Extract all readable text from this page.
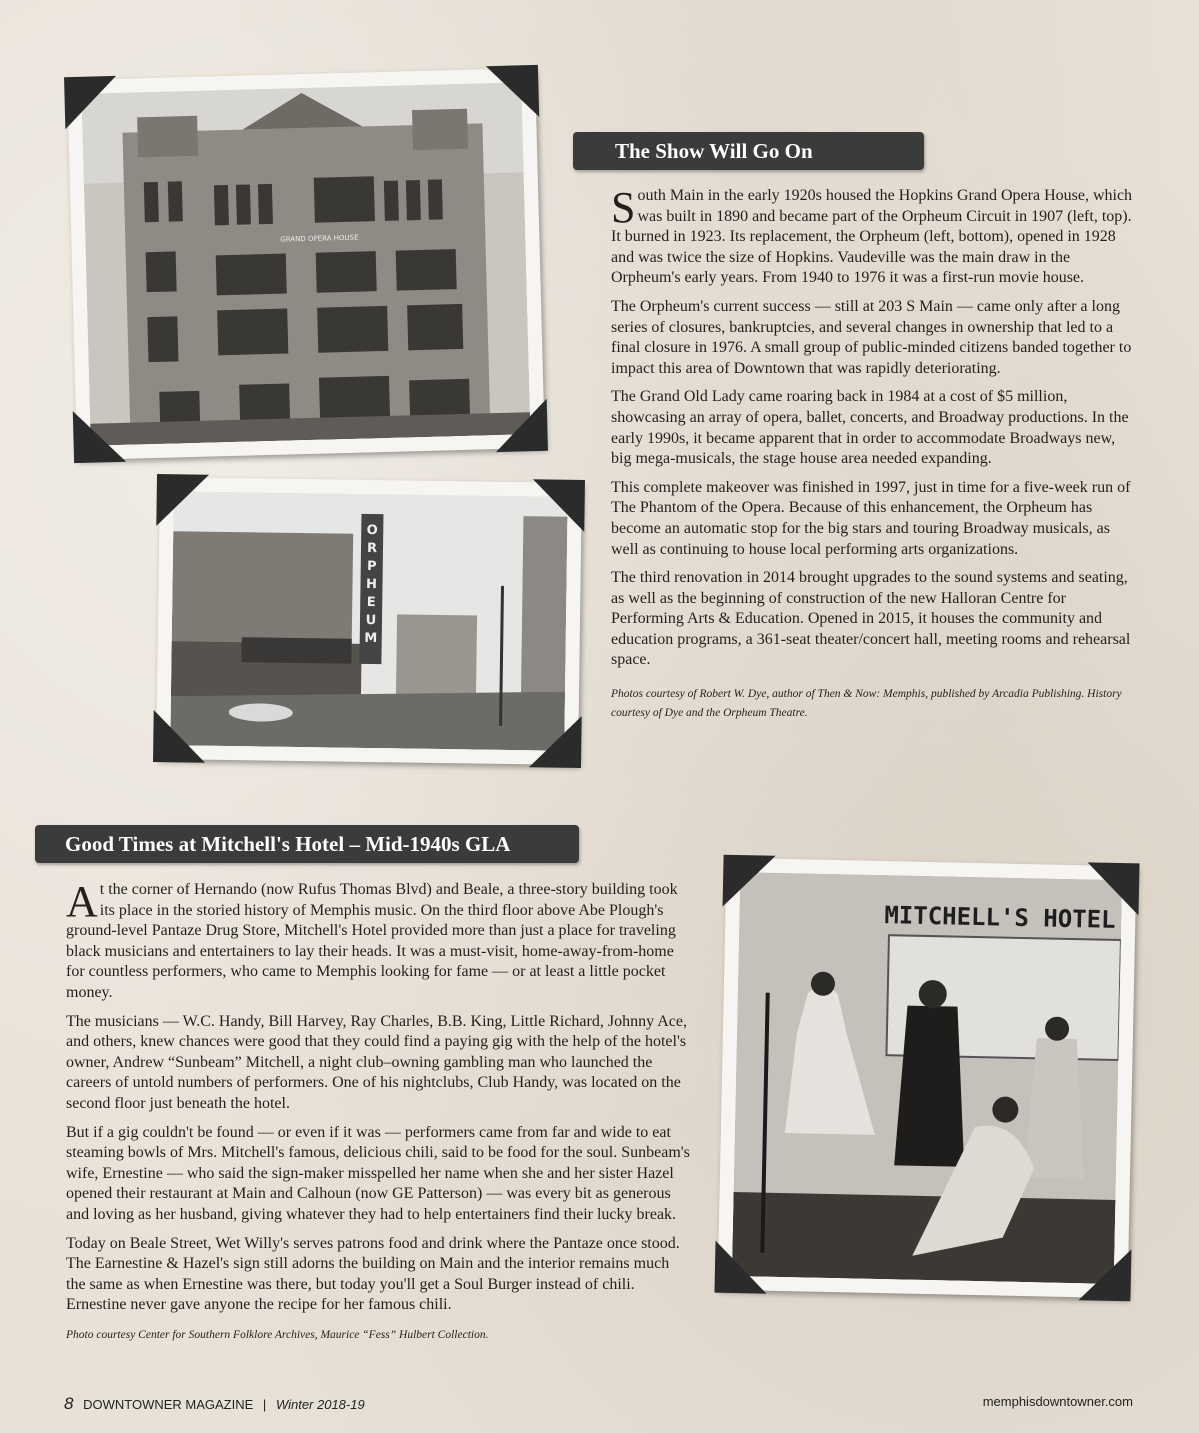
GRAND OPERA HOUSE
O
R
P
H
E
U
M
MITCHELL'S HOTEL
The Show Will Go On

South Main in the early 1920s housed the Hopkins Grand Opera House, which was built in 1890 and became part of the Orpheum Circuit in 1907 (left, top). It burned in 1923. Its replacement, the Orpheum (left, bottom), opened in 1928 and was twice the size of Hopkins. Vaudeville was the main draw in the Orpheum's early years. From 1940 to 1976 it was a first-run movie house.

The Orpheum's current success — still at 203 S Main — came only after a long series of closures, bankruptcies, and several changes in ownership that led to a final closure in 1976. A small group of public-minded citizens banded together to impact this area of Downtown that was rapidly deteriorating.

The Grand Old Lady came roaring back in 1984 at a cost of $5 million, showcasing an array of opera, ballet, concerts, and Broadway productions. In the early 1990s, it became apparent that in order to accommodate Broadways new, big mega-musicals, the stage house area needed expanding.

This complete makeover was finished in 1997, just in time for a five-week run of The Phantom of the Opera. Because of this enhancement, the Orpheum has become an automatic stop for the big stars and touring Broadway musicals, as well as continuing to house local performing arts organizations.

The third renovation in 2014 brought upgrades to the sound systems and seating, as well as the beginning of construction of the new Halloran Centre for Performing Arts & Education. Opened in 2015, it houses the community and education programs, a 361-seat theater/concert hall, meeting rooms and rehearsal space.

Photos courtesy of Robert W. Dye, author of Then & Now: Memphis, published by Arcadia Publishing. History courtesy of Dye and the Orpheum Theatre.

Good Times at Mitchell's Hotel – Mid-1940s GLA

At the corner of Hernando (now Rufus Thomas Blvd) and Beale, a three-story building took its place in the storied history of Memphis music. On the third floor above Abe Plough's ground-level Pantaze Drug Store, Mitchell's Hotel provided more than just a place for traveling black musicians and entertainers to lay their heads. It was a must-visit, home-away-from-home for countless performers, who came to Memphis looking for fame — or at least a little pocket money.

The musicians — W.C. Handy, Bill Harvey, Ray Charles, B.B. King, Little Richard, Johnny Ace, and others, knew chances were good that they could find a paying gig with the help of the hotel's owner, Andrew “Sunbeam” Mitchell, a night club–owning gambling man who launched the careers of untold numbers of performers. One of his nightclubs, Club Handy, was located on the second floor just beneath the hotel.

But if a gig couldn't be found — or even if it was — performers came from far and wide to eat steaming bowls of Mrs. Mitchell's famous, delicious chili, said to be food for the soul. Sunbeam's wife, Ernestine — who said the sign-maker misspelled her name when she and her sister Hazel opened their restaurant at Main and Calhoun (now GE Patterson) — was every bit as generous and loving as her husband, giving whatever they had to help entertainers find their lucky break.

Today on Beale Street, Wet Willy's serves patrons food and drink where the Pantaze once stood. The Earnestine & Hazel's sign still adorns the building on Main and the interior remains much the same as when Ernestine was there, but today you'll get a Soul Burger instead of chili. Ernestine never gave anyone the recipe for her famous chili.

Photo courtesy Center for Southern Folklore Archives, Maurice “Fess” Hulbert Collection.

8 DOWNTOWNER MAGAZINE | Winter 2018-19	memphisdowntowner.com
